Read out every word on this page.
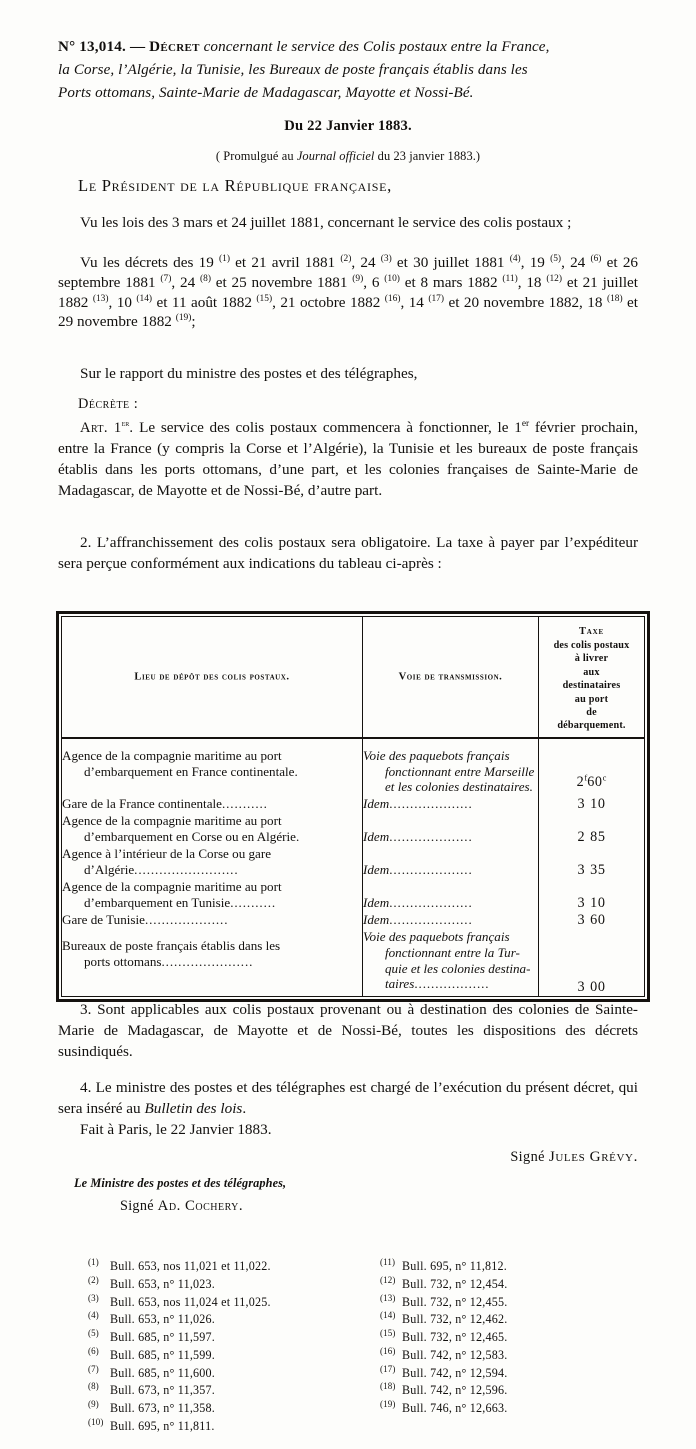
N° 13,014. — Décret concernant le service des Colis postaux entre la France,
la Corse, l’Algérie, la Tunisie, les Bureaux de poste français établis dans les
Ports ottomans, Sainte-Marie de Madagascar, Mayotte et Nossi-Bé.
Du 22 Janvier 1883.
( Promulgué au Journal officiel du 23 janvier 1883.)
Le Président de la République française,
Vu les lois des 3 mars et 24 juillet 1881, concernant le service des colis postaux ;
Vu les décrets des 19 $^{(1)}$ et 21 avril 1881 $^{(2)}$, 24 $^{(3)}$ et 30 juillet 1881 $^{(4)}$, 19 $^{(5)}$, 24 $^{(6)}$ et 26 septembre 1881 $^{(7)}$, 24 $^{(8)}$ et 25 novembre 1881 $^{(9)}$, 6 $^{(10)}$ et 8 mars 1882 $^{(11)}$, 18 $^{(12)}$ et 21 juillet 1882 $^{(13)}$, 10 $^{(14)}$ et 11 août 1882 $^{(15)}$, 21 octobre 1882 $^{(16)}$, 14 $^{(17)}$ et 20 novembre 1882, 18 $^{(18)}$ et 29 novembre 1882 $^{(19)}$;
Sur le rapport du ministre des postes et des télégraphes,
Décrète :
Art. 1er. Le service des colis postaux commencera à fonctionner, le 1er février prochain, entre la France (y compris la Corse et l’Algérie), la Tunisie et les bureaux de poste français établis dans les ports ottomans, d’une part, et les colonies françaises de Sainte-Marie de Madagascar, de Mayotte et de Nossi-Bé, d’autre part.
2. L’affranchissement des colis postaux sera obligatoire. La taxe à payer par l’expéditeur sera perçue conformément aux indications du tableau ci-après :
Lieu de dépôt des colis postaux.	Voie de transmission.

Taxe
des colis postaux
à livrer
aux
destinataires
au port
de
débarquement.

Agence de la compagnie maritime au port
d’embarquement en France continentale.	Voie des paquebots français
fonctionnant entre Marseille
et les colonies destinataires.	2$^f$60$^c$

Gare de la France continentale...........	Idem....................	3 10

Agence de la compagnie maritime au port
d’embarquement en Corse ou en Algérie.	Idem....................	2 85

Agence à l’intérieur de la Corse ou gare
d’Algérie.........................	Idem....................	3 35

Agence de la compagnie maritime au port
d’embarquement en Tunisie...........	Idem....................	3 10

Gare de Tunisie....................	Idem....................	3 60

Bureaux de poste français établis dans les
ports ottomans......................	Voie des paquebots français
fonctionnant entre la Tur-
quie et les colonies destina-
taires..................	3 00

3. Sont applicables aux colis postaux provenant ou à destination des colonies de Sainte-Marie de Madagascar, de Mayotte et de Nossi-Bé, toutes les dispositions des décrets susindiqués.
4. Le ministre des postes et des télégraphes est chargé de l’exécution du présent décret, qui sera inséré au Bulletin des lois.
Fait à Paris, le 22 Janvier 1883.
Signé Jules Grévy.
Le Ministre des postes et des télégraphes,
Signé Ad. Cochery.
(1) Bull. 653, nos 11,021 et 11,022.
(2) Bull. 653, n° 11,023.
(3) Bull. 653, nos 11,024 et 11,025.
(4) Bull. 653, n° 11,026.
(5) Bull. 685, n° 11,597.
(6) Bull. 685, n° 11,599.
(7) Bull. 685, n° 11,600.
(8) Bull. 673, n° 11,357.
(9) Bull. 673, n° 11,358.
(10) Bull. 695, n° 11,811.
(11) Bull. 695, n° 11,812.
(12) Bull. 732, n° 12,454.
(13) Bull. 732, n° 12,455.
(14) Bull. 732, n° 12,462.
(15) Bull. 732, n° 12,465.
(16) Bull. 742, n° 12,583.
(17) Bull. 742, n° 12,594.
(18) Bull. 742, n° 12,596.
(19) Bull. 746, n° 12,663.
